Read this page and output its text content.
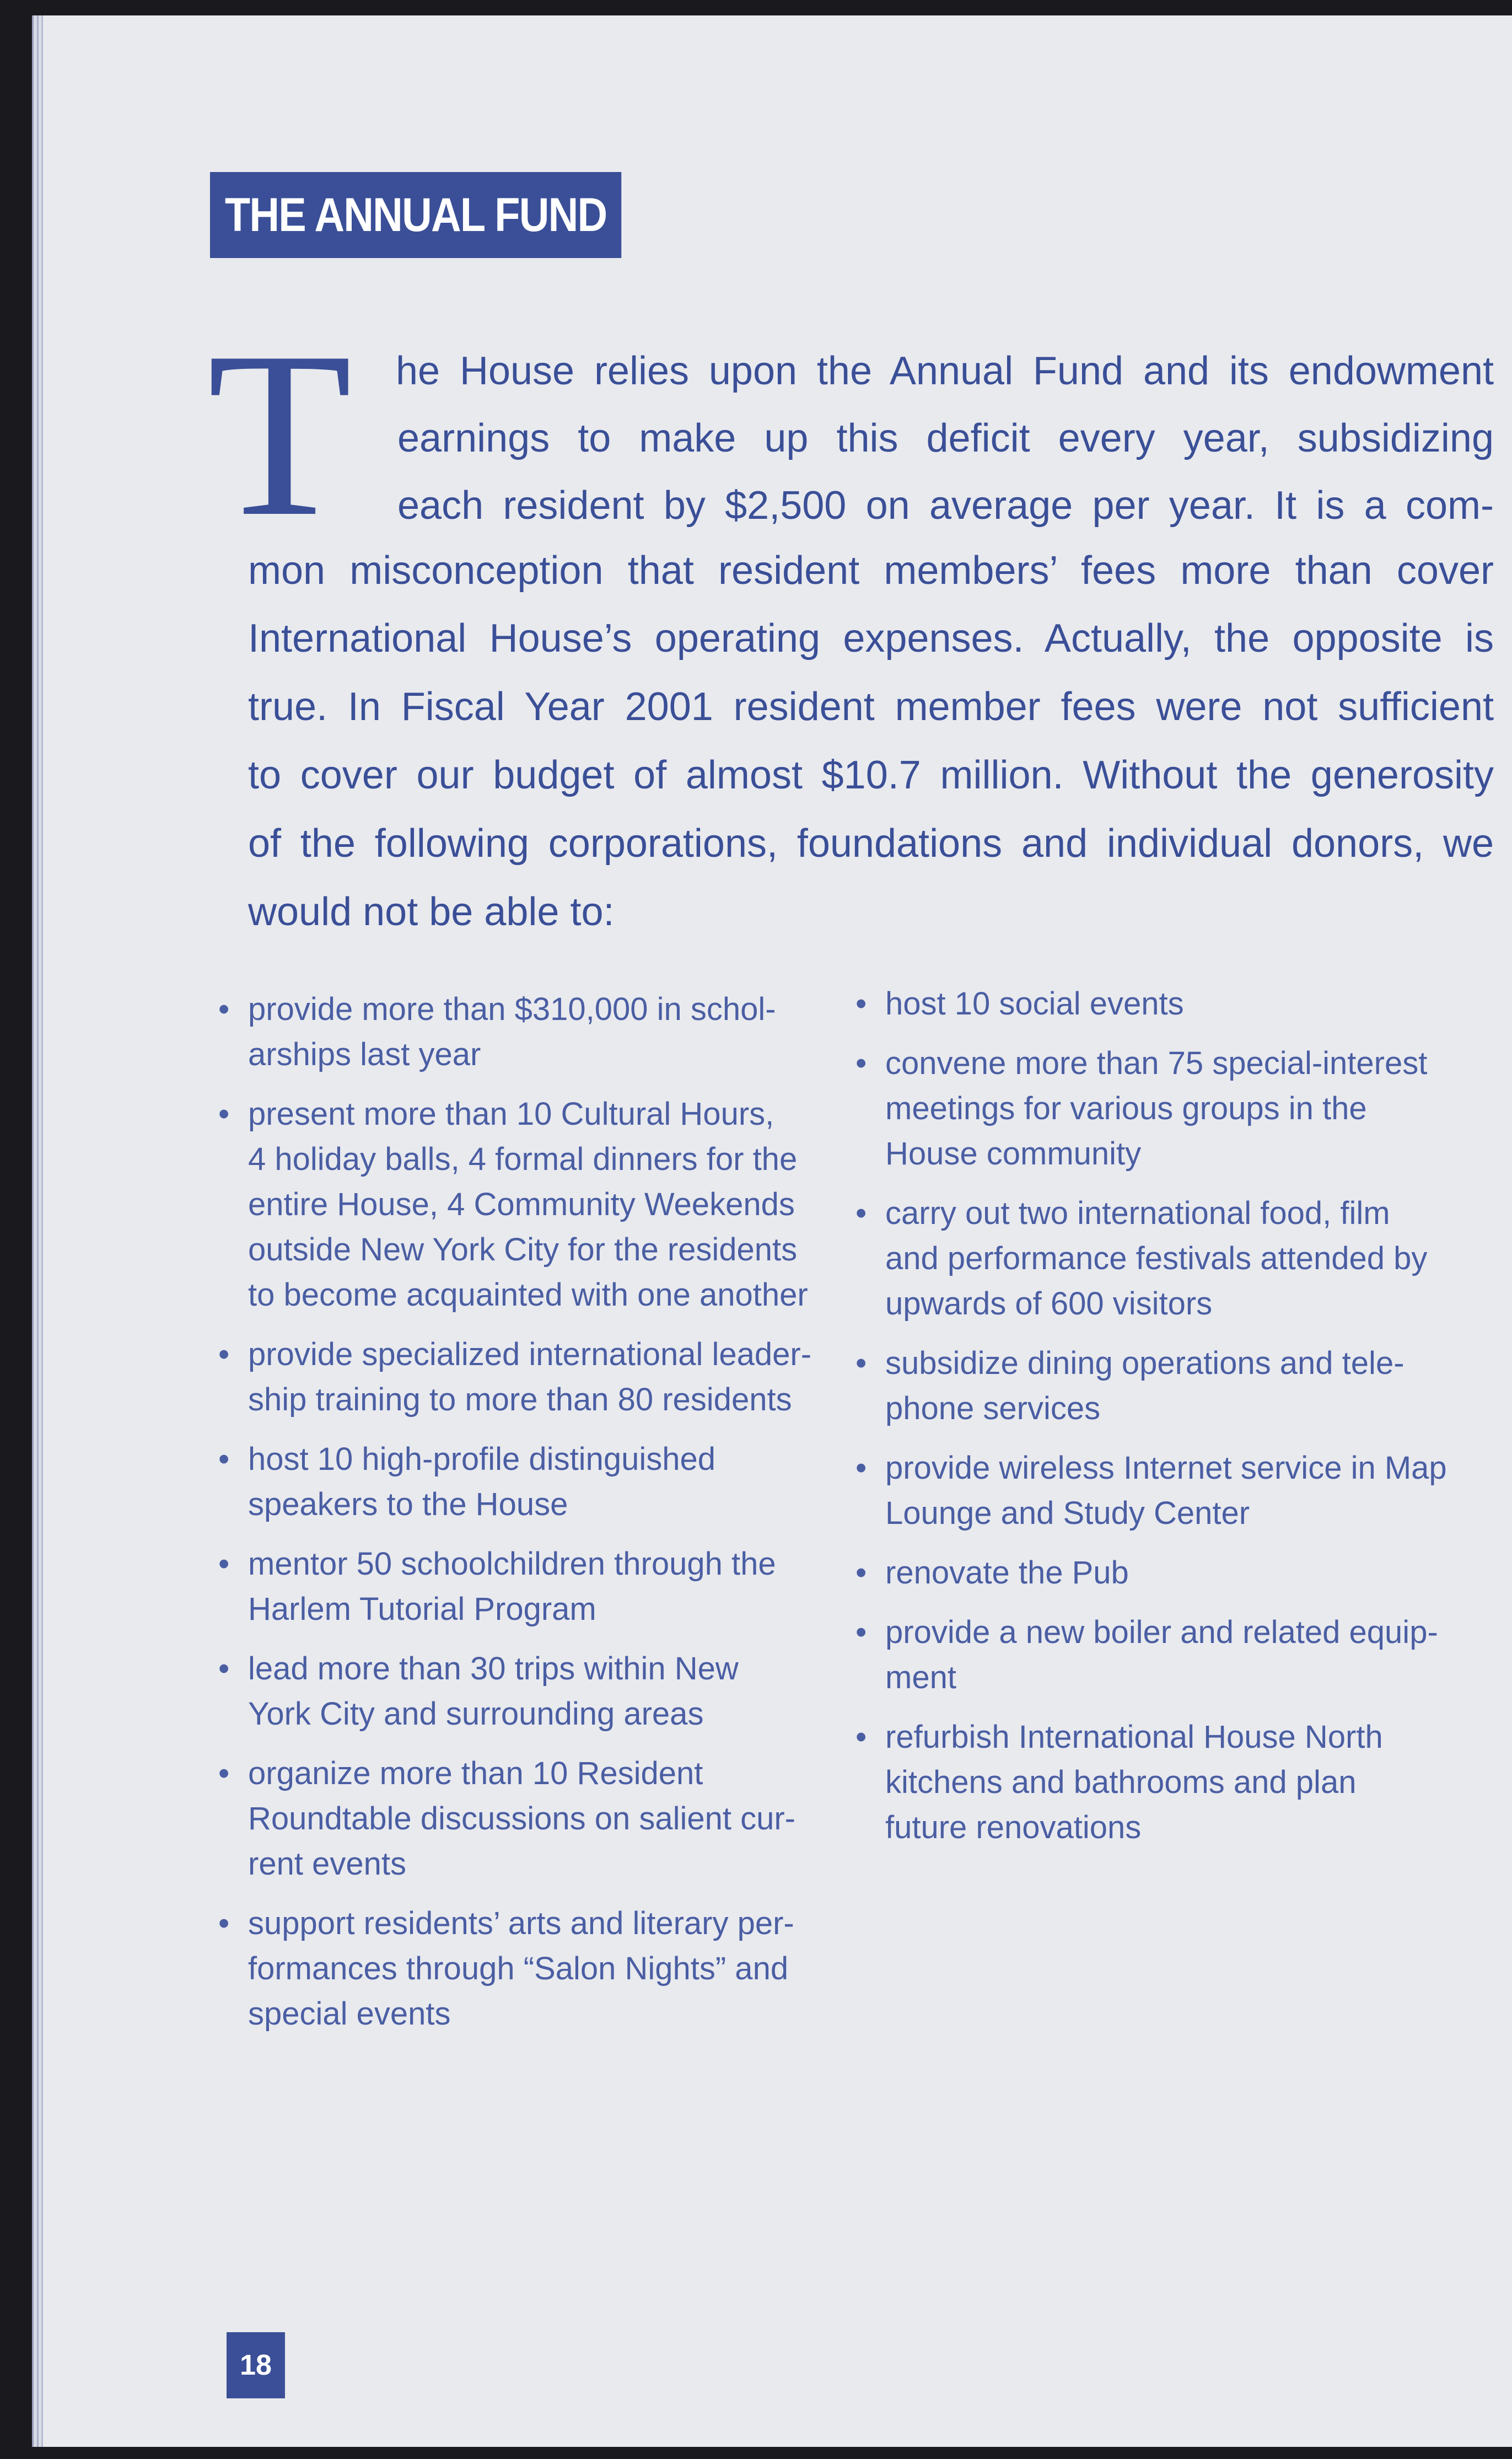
THE ANNUAL FUND
T he House relies upon the Annual Fund and its endowment
earnings to make up this deficit every year, subsidizing
each resident by $2,500 on average per year. It is a com-
mon misconception that resident members’ fees more than cover
International House’s operating expenses. Actually, the opposite is
true. In Fiscal Year 2001 resident member fees were not sufficient
to cover our budget of almost $10.7 million. Without the generosity
of the following corporations, foundations and individual donors, we
would not be able to:
• provide more than $310,000 in schol-
arships last year
• present more than 10 Cultural Hours,
4 holiday balls, 4 formal dinners for the
entire House, 4 Community Weekends
outside New York City for the residents
to become acquainted with one another
• provide specialized international leader-
ship training to more than 80 residents
• host 10 high-profile distinguished
speakers to the House
• mentor 50 schoolchildren through the
Harlem Tutorial Program
• lead more than 30 trips within New
York City and surrounding areas
• organize more than 10 Resident
Roundtable discussions on salient cur-
rent events
• support residents’ arts and literary per-
formances through “Salon Nights” and
special events
• host 10 social events
• convene more than 75 special-interest
meetings for various groups in the
House community
• carry out two international food, film
and performance festivals attended by
upwards of 600 visitors
• subsidize dining operations and tele-
phone services
• provide wireless Internet service in Map
Lounge and Study Center
• renovate the Pub
• provide a new boiler and related equip-
ment
• refurbish International House North
kitchens and bathrooms and plan
future renovations
18
